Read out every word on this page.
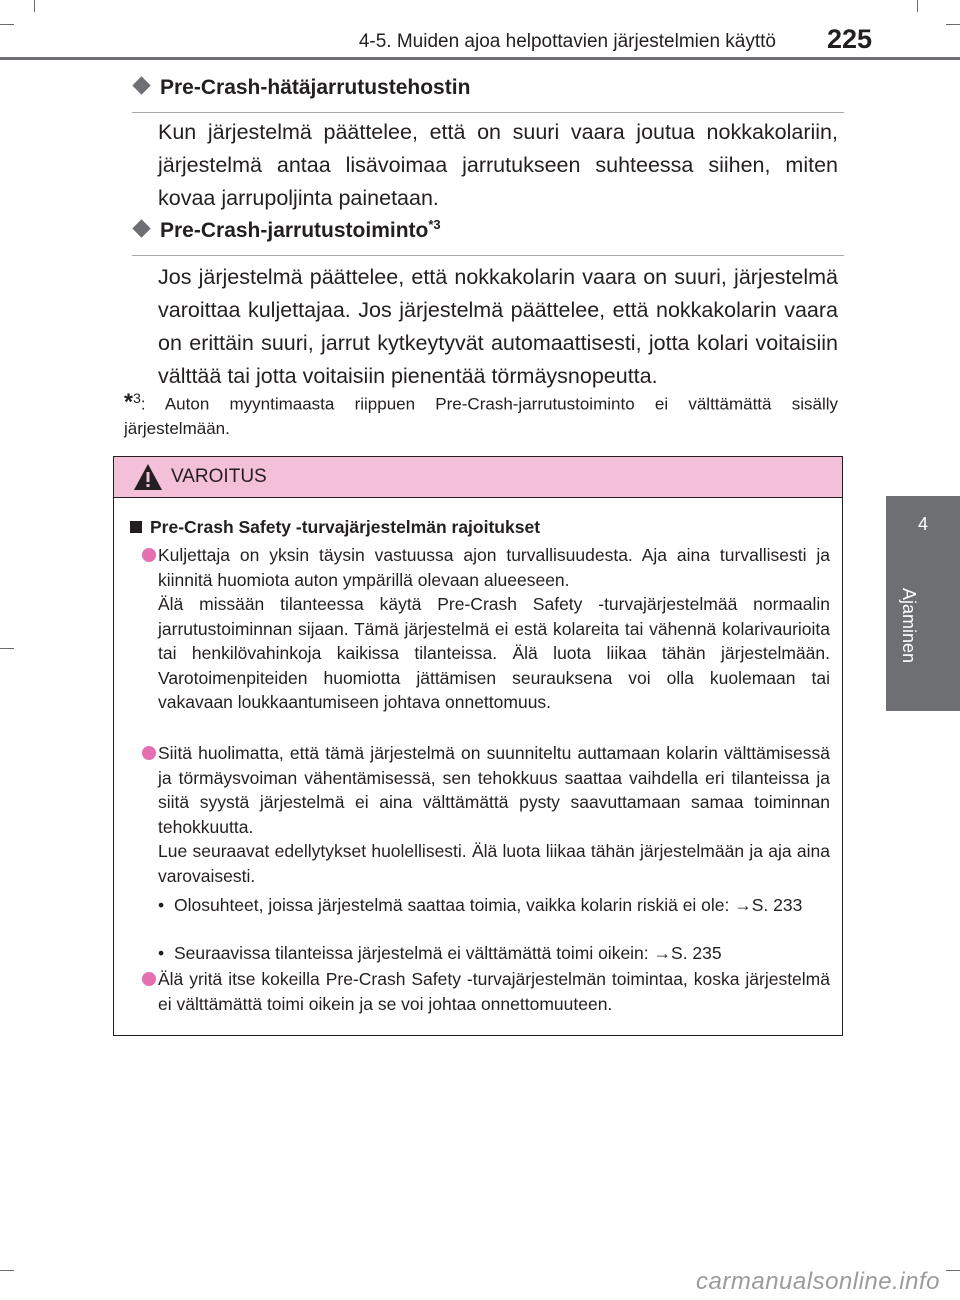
4-5. Muiden ajoa helpottavien järjestelmien käyttö 225
4
Ajaminen
Pre-Crash-hätäjarrutustehostin
Kun järjestelmä päättelee, että on suuri vaara joutua nokkakolariin, järjestelmä antaa lisävoimaa jarrutukseen suhteessa siihen, miten kovaa jarrupoljinta painetaan.
Pre-Crash-jarrutustoiminto$^{*3}$
Jos järjestelmä päättelee, että nokkakolarin vaara on suuri, järjestelmä varoittaa kuljettajaa. Jos järjestelmä päättelee, että nokkakolarin vaara on erittäin suuri, jarrut kytkeytyvät automaattisesti, jotta kolari voitaisiin välttää tai jotta voitaisiin pienentää törmäysnopeutta.
*$^3$: Auton myyntimaasta riippuen Pre-Crash-jarrutustoiminto ei välttämättä sisälly järjestelmään.
VAROITUS
Pre-Crash Safety -turvajärjestelmän rajoitukset
Kuljettaja on yksin täysin vastuussa ajon turvallisuudesta. Aja aina turvallisesti ja kiinnitä huomiota auton ympärillä olevaan alueeseen.
Älä missään tilanteessa käytä Pre-Crash Safety -turvajärjestelmää normaalin jarrutustoiminnan sijaan. Tämä järjestelmä ei estä kolareita tai vähennä kolarivaurioita tai henkilövahinkoja kaikissa tilanteissa. Älä luota liikaa tähän järjestelmään. Varotoimenpiteiden huomiotta jättämisen seurauksena voi olla kuolemaan tai vakavaan loukkaantumiseen johtava onnettomuus.
Siitä huolimatta, että tämä järjestelmä on suunniteltu auttamaan kolarin välttämisessä ja törmäysvoiman vähentämisessä, sen tehokkuus saattaa vaihdella eri tilanteissa ja siitä syystä järjestelmä ei aina välttämättä pysty saavuttamaan samaa toiminnan tehokkuutta.
Lue seuraavat edellytykset huolellisesti. Älä luota liikaa tähän järjestelmään ja aja aina varovaisesti.
• Olosuhteet, joissa järjestelmä saattaa toimia, vaikka kolarin riskiä ei ole: →S. 233
• Seuraavissa tilanteissa järjestelmä ei välttämättä toimi oikein: →S. 235
Älä yritä itse kokeilla Pre-Crash Safety -turvajärjestelmän toimintaa, koska järjestelmä ei välttämättä toimi oikein ja se voi johtaa onnettomuuteen.
carmanualsonline.info
